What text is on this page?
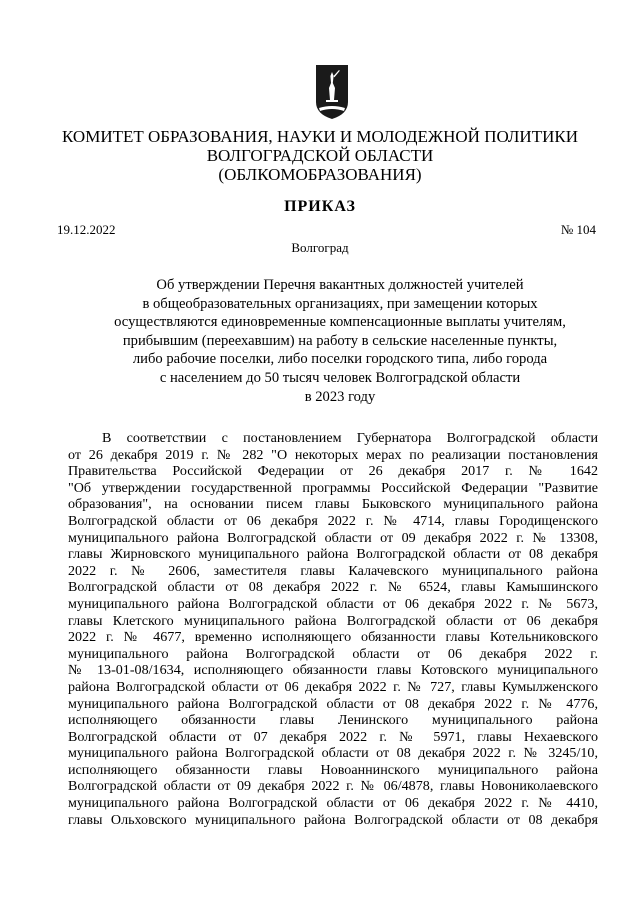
КОМИТЕТ ОБРАЗОВАНИЯ, НАУКИ И МОЛОДЕЖНОЙ ПОЛИТИКИ
ВОЛГОГРАДСКОЙ ОБЛАСТИ
(ОБЛКОМОБРАЗОВАНИЯ)
ПРИКАЗ
19.12.2022	№ 104
Волгоград
Об утверждении Перечня вакантных должностей учителей
в общеобразовательных организациях, при замещении которых
осуществляются единовременные компенсационные выплаты учителям,
прибывшим (переехавшим) на работу в сельские населенные пункты,
либо рабочие поселки, либо поселки городского типа, либо города
с населением до 50 тысяч человек Волгоградской области
в 2023 году
В соответствии с постановлением Губернатора Волгоградской области
от 26 декабря 2019 г. № 282 "О некоторых мерах по реализации постановления
Правительства Российской Федерации от 26 декабря 2017 г. № 1642
"Об утверждении государственной программы Российской Федерации "Развитие
образования", на основании писем главы Быковского муниципального района
Волгоградской области от 06 декабря 2022 г. № 4714, главы Городищенского
муниципального района Волгоградской области от 09 декабря 2022 г. № 13308,
главы Жирновского муниципального района Волгоградской области от 08 декабря
2022 г. № 2606, заместителя главы Калачевского муниципального района
Волгоградской области от 08 декабря 2022 г. № 6524, главы Камышинского
муниципального района Волгоградской области от 06 декабря 2022 г. № 5673,
главы Клетского муниципального района Волгоградской области от 06 декабря
2022 г. № 4677, временно исполняющего обязанности главы Котельниковского
муниципального района Волгоградской области от 06 декабря 2022 г.
№ 13-01-08/1634, исполняющего обязанности главы Котовского муниципального
района Волгоградской области от 06 декабря 2022 г. № 727, главы Кумылженского
муниципального района Волгоградской области от 08 декабря 2022 г. № 4776,
исполняющего обязанности главы Ленинского муниципального района
Волгоградской области от 07 декабря 2022 г. № 5971, главы Нехаевского
муниципального района Волгоградской области от 08 декабря 2022 г. № 3245/10,
исполняющего обязанности главы Новоаннинского муниципального района
Волгоградской области от 09 декабря 2022 г. № 06/4878, главы Новониколаевского
муниципального района Волгоградской области от 06 декабря 2022 г. № 4410,
главы Ольховского муниципального района Волгоградской области от 08 декабря
